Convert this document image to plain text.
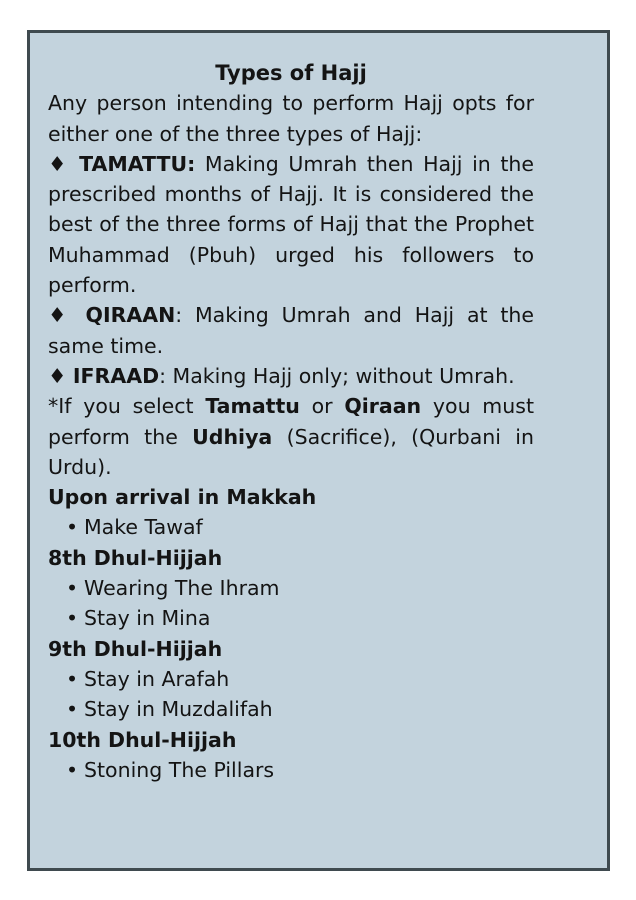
Types of Hajj

Any person intending to perform Hajj opts for either one of the three types of Hajj:

♦ TAMATTU: Making Umrah then Hajj in the prescribed months of Hajj. It is considered the best of the three forms of Hajj that the Prophet Muhammad (Pbuh) urged his followers to perform.

♦ QIRAAN: Making Umrah and Hajj at the same time.

♦ IFRAAD: Making Hajj only; without Umrah.

*If you select Tamattu or Qiraan you must perform the Udhiya (Sacrifice), (Qurbani in Urdu).

Upon arrival in Makkah

• Make Tawaf

8th Dhul-Hijjah

• Wearing The Ihram

• Stay in Mina

9th Dhul-Hijjah

• Stay in Arafah

• Stay in Muzdalifah

10th Dhul-Hijjah

• Stoning The Pillars
